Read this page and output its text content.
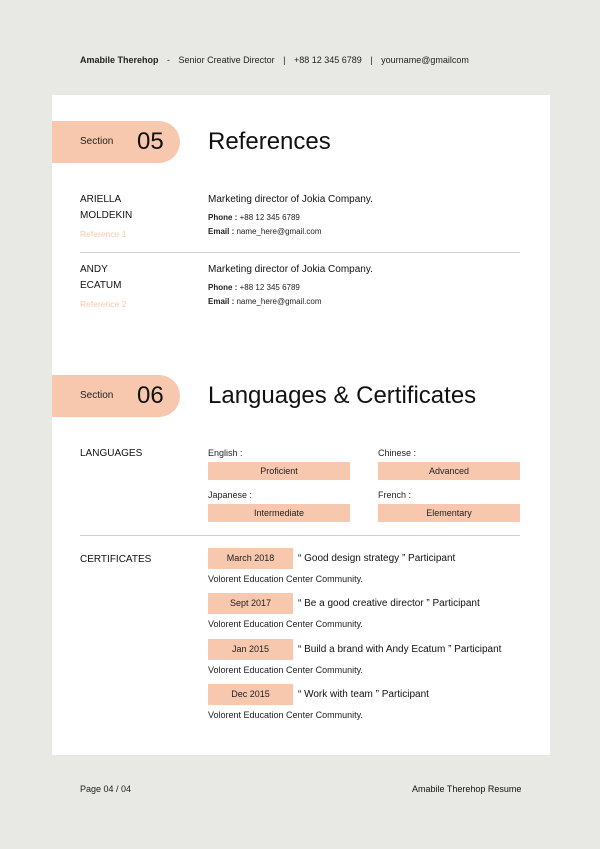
Amabile Therehop - Senior Creative Director | +88 12 345 6789 | yourname@gmailcom
Section 05 References
ARIELLA
MOLDEKIN
Reference 1
Marketing director of Jokia Company.
Phone : +88 12 345 6789
Email : name_here@gmail.com
ANDY
ECATUM
Reference 2
Marketing director of Jokia Company.
Phone : +88 12 345 6789
Email : name_here@gmail.com
Section 06 Languages & Certificates
LANGUAGES	English :
Proficient
Chinese :
Advanced
Japanese :
Intermediate
French :
Elementary
CERTIFICATES	March 2018	“ Good design strategy ” Participant
Volorent Education Center Community.
Sept 2017	“ Be a good creative director ” Participant
Volorent Education Center Community.
Jan 2015	“ Build a brand with Andy Ecatum ” Participant
Volorent Education Center Community.
Dec 2015	“ Work with team ” Participant
Volorent Education Center Community.
Page 04 / 04	Amabile Therehop Resume
